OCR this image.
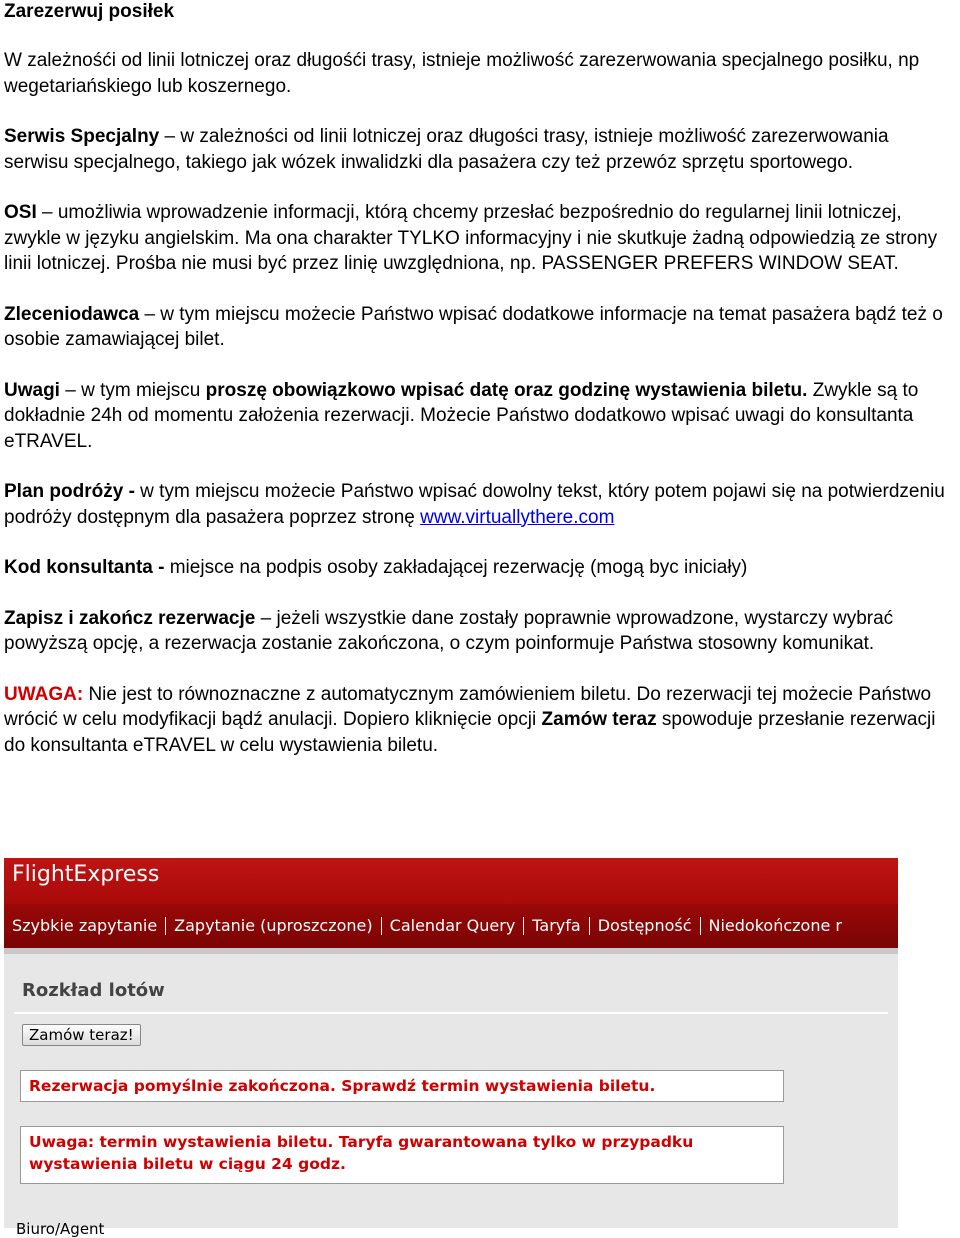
Zarezerwuj posiłek

W zależnośći od linii lotniczej oraz długośći trasy, istnieje możliwość zarezerwowania specjalnego posiłku, np wegetariańskiego lub koszernego.

Serwis Specjalny – w zależności od linii lotniczej oraz długości trasy, istnieje możliwość zarezerwowania serwisu specjalnego, takiego jak wózek inwalidzki dla pasażera czy też przewóz sprzętu sportowego.

OSI – umożliwia wprowadzenie informacji, którą chcemy przesłać bezpośrednio do regularnej linii lotniczej, zwykle w języku angielskim. Ma ona charakter TYLKO informacyjny i nie skutkuje żadną odpowiedzią ze strony linii lotniczej. Prośba nie musi być przez linię uwzględniona, np. PASSENGER PREFERS WINDOW SEAT.

Zleceniodawca – w tym miejscu możecie Państwo wpisać dodatkowe informacje na temat pasażera bądź też o osobie zamawiającej bilet.

Uwagi – w tym miejscu proszę obowiązkowo wpisać datę oraz godzinę wystawienia biletu. Zwykle są to dokładnie 24h od momentu założenia rezerwacji. Możecie Państwo dodatkowo wpisać uwagi do konsultanta eTRAVEL.

Plan podróży - w tym miejscu możecie Państwo wpisać dowolny tekst, który potem pojawi się na potwierdzeniu podróży dostępnym dla pasażera poprzez stronę www.virtuallythere.com

Kod konsultanta - miejsce na podpis osoby zakładającej rezerwację (mogą byc iniciały)

Zapisz i zakończ rezerwacje – jeżeli wszystkie dane zostały poprawnie wprowadzone, wystarczy wybrać powyższą opcję, a rezerwacja zostanie zakończona, o czym poinformuje Państwa stosowny komunikat.

UWAGA: Nie jest to równoznaczne z automatycznym zamówieniem biletu. Do rezerwacji tej możecie Państwo wrócić w celu modyfikacji bądź anulacji. Dopiero kliknięcie opcji Zamów teraz spowoduje przesłanie rezerwacji do konsultanta eTRAVEL w celu wystawienia biletu.

FlightExpress
Szybkie zapytanie	Zapytanie (uproszczone)	Calendar Query	Taryfa	Dostępność	Niedokończone r
Rozkład lotów
Zamów teraz!
Rezerwacja pomyślnie zakończona. Sprawdź termin wystawienia biletu.
Uwaga: termin wystawienia biletu. Taryfa gwarantowana tylko w przypadku wystawienia biletu w ciągu 24 godz.
Biuro/Agent
